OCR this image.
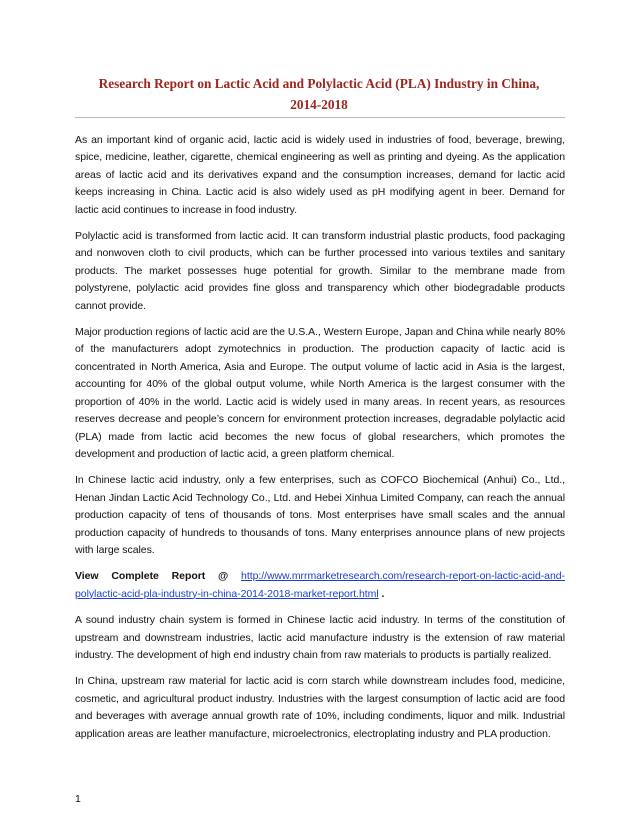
Research Report on Lactic Acid and Polylactic Acid (PLA) Industry in China,
2014-2018

As an important kind of organic acid, lactic acid is widely used in industries of food, beverage, brewing, spice, medicine, leather, cigarette, chemical engineering as well as printing and dyeing. As the application areas of lactic acid and its derivatives expand and the consumption increases, demand for lactic acid keeps increasing in China. Lactic acid is also widely used as pH modifying agent in beer. Demand for lactic acid continues to increase in food industry.

Polylactic acid is transformed from lactic acid. It can transform industrial plastic products, food packaging and nonwoven cloth to civil products, which can be further processed into various textiles and sanitary products. The market possesses huge potential for growth. Similar to the membrane made from polystyrene, polylactic acid provides fine gloss and transparency which other biodegradable products cannot provide.

Major production regions of lactic acid are the U.S.A., Western Europe, Japan and China while nearly 80% of the manufacturers adopt zymotechnics in production. The production capacity of lactic acid is concentrated in North America, Asia and Europe. The output volume of lactic acid in Asia is the largest, accounting for 40% of the global output volume, while North America is the largest consumer with the proportion of 40% in the world. Lactic acid is widely used in many areas. In recent years, as resources reserves decrease and people’s concern for environment protection increases, degradable polylactic acid (PLA) made from lactic acid becomes the new focus of global researchers, which promotes the development and production of lactic acid, a green platform chemical.

In Chinese lactic acid industry, only a few enterprises, such as COFCO Biochemical (Anhui) Co., Ltd., Henan Jindan Lactic Acid Technology Co., Ltd. and Hebei Xinhua Limited Company, can reach the annual production capacity of tens of thousands of tons. Most enterprises have small scales and the annual production capacity of hundreds to thousands of tons. Many enterprises announce plans of new projects with large scales.

View Complete Report @ http://www.mrrmarketresearch.com/research-report-on-lactic-acid-and-polylactic-acid-pla-industry-in-china-2014-2018-market-report.html .

A sound industry chain system is formed in Chinese lactic acid industry. In terms of the constitution of upstream and downstream industries, lactic acid manufacture industry is the extension of raw material industry. The development of high end industry chain from raw materials to products is partially realized.

In China, upstream raw material for lactic acid is corn starch while downstream includes food, medicine, cosmetic, and agricultural product industry. Industries with the largest consumption of lactic acid are food and beverages with average annual growth rate of 10%, including condiments, liquor and milk. Industrial application areas are leather manufacture, microelectronics, electroplating industry and PLA production.

1
